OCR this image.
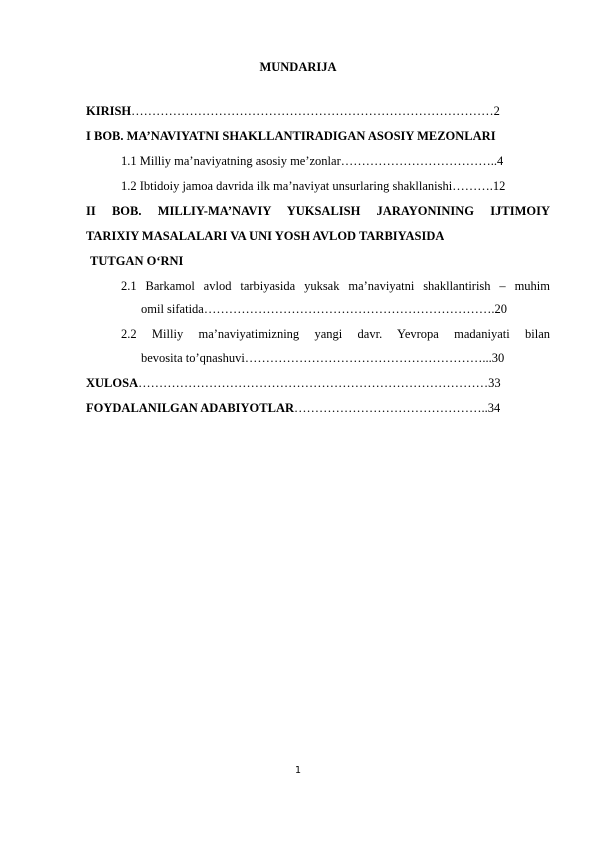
MUNDARIJA
KIRISH……………………………………………………………………………2
I BOB. MA’NAVIYATNI SHAKLLANTIRADIGAN ASOSIY MEZONLARI
1.1 Milliy ma’naviyatning asosiy me’zonlar………………………………..4
1.2 Ibtidoiy jamoa davrida ilk ma’naviyat unsurlaring shakllanishi……….12
II BOB. MILLIY-MA’NAVIY YUKSALISH JARAYONINING IJTIMOIY
TARIXIY MASALALARI VA UNI YOSH AVLOD TARBIYASIDA
TUTGAN O‘RNI
2.1 Barkamol avlod tarbiyasida yuksak ma’naviyatni shakllantirish – muhim
omil sifatida…………………………………………………………….20
2.2 Milliy ma’naviyatimizning yangi davr. Yevropa madaniyati bilan
bevosita to’qnashuvi…………………………………………………...30
XULOSA…………………………………………………………………………33
FOYDALANILGAN ADABIYOTLAR………………………………………..34
1
